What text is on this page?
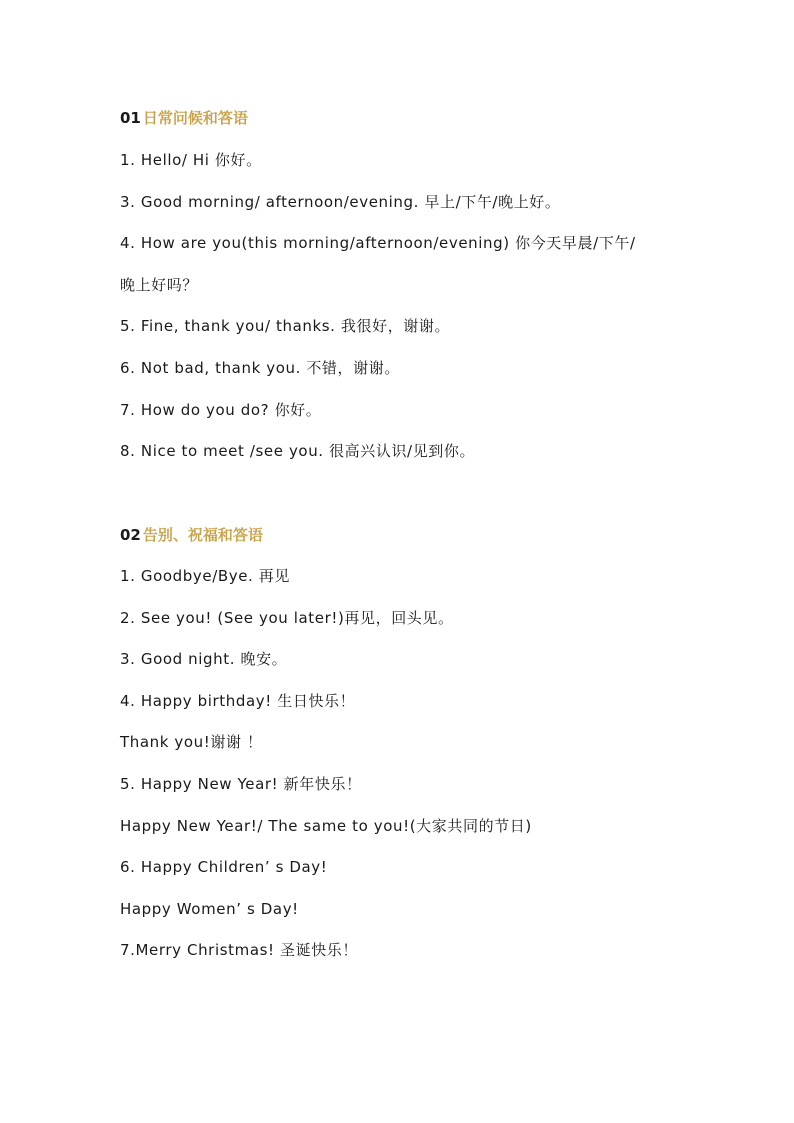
01 日常问候和答语
1. Hello/ Hi 你好。
3. Good morning/ afternoon/evening. 早上/下午/晚上好。
4. How are you(this morning/afternoon/evening) 你今天早晨/下午/
晚上好吗？
5. Fine, thank you/ thanks. 我很好，谢谢。
6. Not bad, thank you. 不错，谢谢。
7. How do you do? 你好。
8. Nice to meet /see you. 很高兴认识/见到你。
02 告别、祝福和答语
1. Goodbye/Bye. 再见
2. See you! (See you later!)再见，回头见。
3. Good night. 晚安。
4. Happy birthday! 生日快乐！
Thank you!谢谢 ！
5. Happy New Year! 新年快乐！
Happy New Year!/ The same to you!(大家共同的节日)
6. Happy Children’ s Day!
Happy Women’ s Day!
7.Merry Christmas! 圣诞快乐！
